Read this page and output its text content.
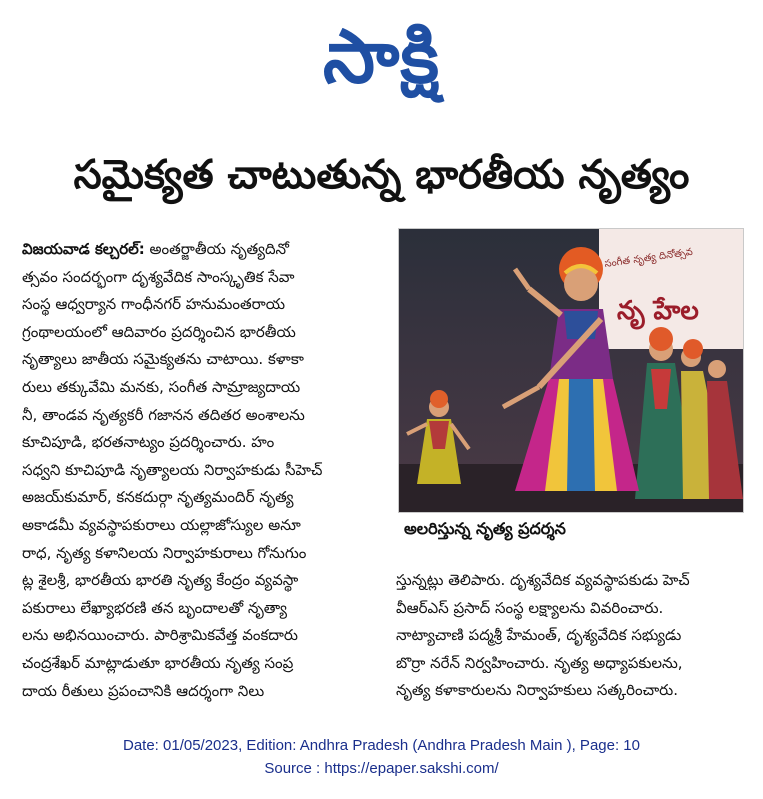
సాక్షి
సమైక్యత చాటుతున్న భారతీయ నృత్యం
విజయవాడ కల్చరల్: అంతర్జాతీయ నృత్యదినో
త్సవం సందర్భంగా దృశ్యవేదిక సాంస్కృతిక సేవా
సంస్థ ఆధ్వర్యాన గాంధీనగర్ హనుమంతరాయ
గ్రంథాలయంలో ఆదివారం ప్రదర్శించిన భారతీయ
నృత్యాలు జాతీయ సమైక్యతను చాటాయి. కళాకా
రులు తక్కువేమి మనకు, సంగీత సామ్రాజ్యదాయ
నీ, తాండవ నృత్యకరీ గజానన తదితర అంశాలను
కూచిపూడి, భరతనాట్యం ప్రదర్శించారు. హం
సధ్వని కూచిపూడి నృత్యాలయ నిర్వాహకుడు సీహెచ్
అజయ్‌కుమార్, కనకదుర్గా నృత్యమందిర్ నృత్య
అకాడమీ వ్యవస్థాపకురాలు యల్లాజోస్యుల అనూ
రాధ, నృత్య కళానిలయ నిర్వాహకురాలు గోనుగుం
ట్ల శైలశ్రీ, భారతీయ భారతి నృత్య కేంద్రం వ్యవస్థా
పకురాలు లేఖ్యాభరణి తన బృందాలతో నృత్యా
లను అభినయించారు. పారిశ్రామికవేత్త వంకదారు
చంద్రశేఖర్ మాట్లాడుతూ భారతీయ నృత్య సంప్ర
దాయ రీతులు ప్రపంచానికి ఆదర్శంగా నిలు
సంగీత నృత్య దినోత్సవ
నృ హేల
అలరిస్తున్న నృత్య ప్రదర్శన
స్తున్నట్లు తెలిపారు. దృశ్యవేదిక వ్యవస్థాపకుడు హెచ్
వీఆర్ఎస్ ప్రసాద్ సంస్థ లక్ష్యాలను వివరించారు.
నాట్యాచాణి పద్మశ్రీ హేమంత్, దృశ్యవేదిక సభ్యుడు
బొర్రా నరేన్ నిర్వహించారు. నృత్య అధ్యాపకులను,
నృత్య కళాకారులను నిర్వాహకులు సత్కరించారు.
Date: 01/05/2023, Edition: Andhra Pradesh (Andhra Pradesh Main ), Page: 10
Source : https://epaper.sakshi.com/
